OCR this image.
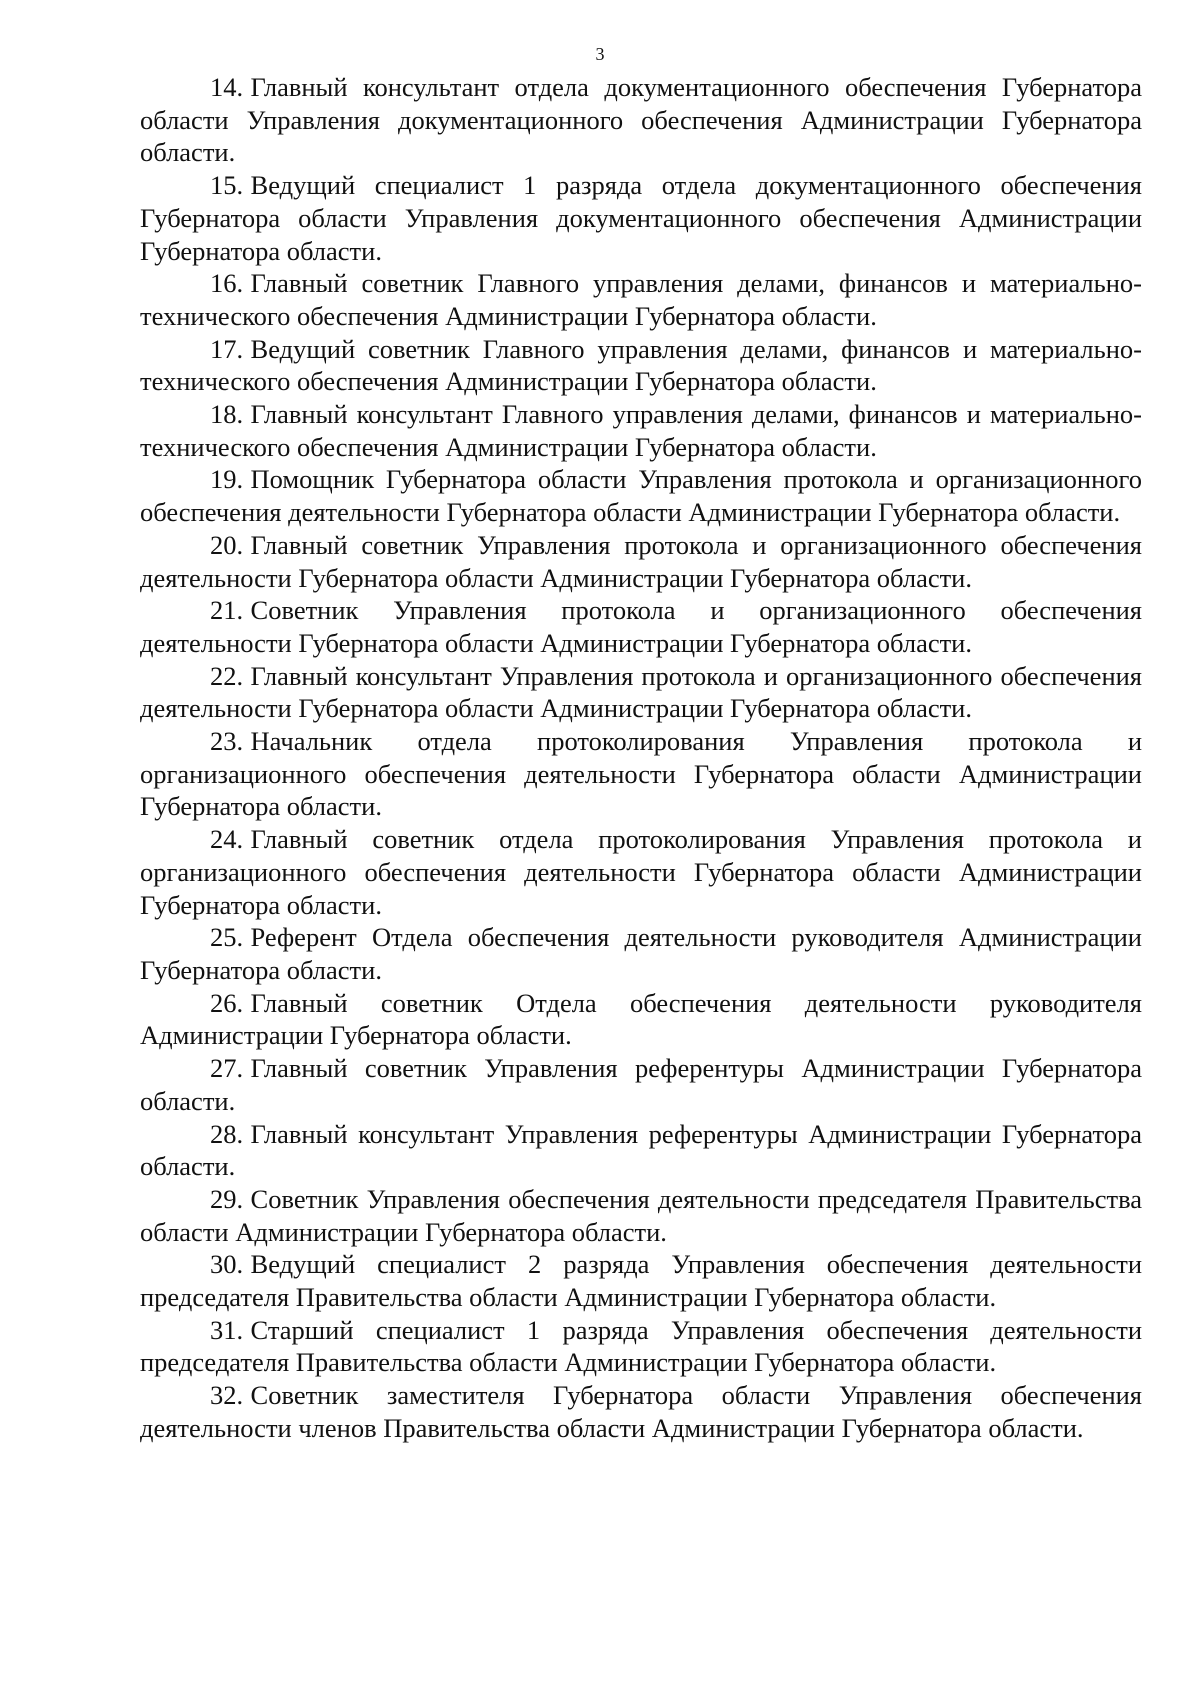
3

14. Главный консультант отдела документационного обеспечения Губернатора области Управления документационного обеспечения Администрации Губернатора области.

15. Ведущий специалист 1 разряда отдела документационного обеспечения Губернатора области Управления документационного обеспечения Администрации Губернатора области.

16. Главный советник Главного управления делами, финансов и материально-технического обеспечения Администрации Губернатора области.

17. Ведущий советник Главного управления делами, финансов и материально-технического обеспечения Администрации Губернатора области.

18. Главный консультант Главного управления делами, финансов и материально-технического обеспечения Администрации Губернатора области.

19. Помощник Губернатора области Управления протокола и организационного обеспечения деятельности Губернатора области Администрации Губернатора области.

20. Главный советник Управления протокола и организационного обеспечения деятельности Губернатора области Администрации Губернатора области.

21. Советник Управления протокола и организационного обеспечения деятельности Губернатора области Администрации Губернатора области.

22. Главный консультант Управления протокола и организационного обеспечения деятельности Губернатора области Администрации Губернатора области.

23. Начальник отдела протоколирования Управления протокола и организационного обеспечения деятельности Губернатора области Администрации Губернатора области.

24. Главный советник отдела протоколирования Управления протокола и организационного обеспечения деятельности Губернатора области Администрации Губернатора области.

25. Референт Отдела обеспечения деятельности руководителя Администрации Губернатора области.

26. Главный советник Отдела обеспечения деятельности руководителя Администрации Губернатора области.

27. Главный советник Управления референтуры Администрации Губернатора области.

28. Главный консультант Управления референтуры Администрации Губернатора области.

29. Советник Управления обеспечения деятельности председателя Правительства области Администрации Губернатора области.

30. Ведущий специалист 2 разряда Управления обеспечения деятельности председателя Правительства области Администрации Губернатора области.

31. Старший специалист 1 разряда Управления обеспечения деятельности председателя Правительства области Администрации Губернатора области.

32. Советник заместителя Губернатора области Управления обеспечения деятельности членов Правительства области Администрации Губернатора области.
